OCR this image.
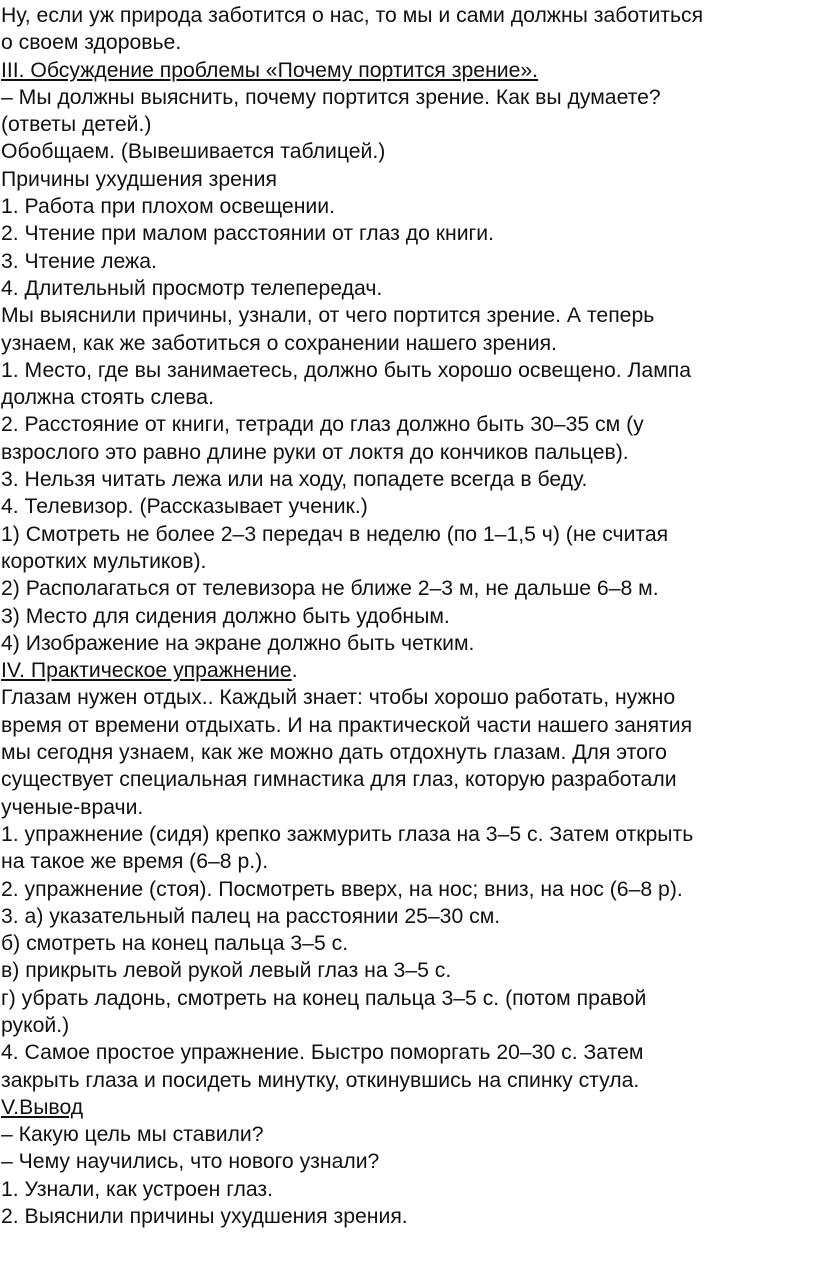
Ну, если уж природа заботится о нас, то мы и сами должны заботиться

о своем здоровье.

III. Обсуждение проблемы «Почему портится зрение».

– Мы должны выяснить, почему портится зрение. Как вы думаете?

(ответы детей.)

Обобщаем. (Вывешивается таблицей.)

Причины ухудшения зрения

1. Работа при плохом освещении.

2. Чтение при малом расстоянии от глаз до книги.

3. Чтение лежа.

4. Длительный просмотр телепередач.

Мы выяснили причины, узнали, от чего портится зрение. А теперь

узнаем, как же заботиться о сохранении нашего зрения.

1. Место, где вы занимаетесь, должно быть хорошо освещено. Лампа

должна стоять слева.

2. Расстояние от книги, тетради до глаз должно быть 30–35 см (у

взрослого это равно длине руки от локтя до кончиков пальцев).

3. Нельзя читать лежа или на ходу, попадете всегда в беду.

4. Телевизор. (Рассказывает ученик.)

1) Смотреть не более 2–3 передач в неделю (по 1–1,5 ч) (не считая

коротких мультиков).

2) Располагаться от телевизора не ближе 2–3 м, не дальше 6–8 м.

3) Место для сидения должно быть удобным.

4) Изображение на экране должно быть четким.

IV. Практическое упражнение.

Глазам нужен отдых.. Каждый знает: чтобы хорошо работать, нужно

время от времени отдыхать. И на практической части нашего занятия

мы сегодня узнаем, как же можно дать отдохнуть глазам. Для этого

существует специальная гимнастика для глаз, которую разработали

ученые-врачи.

1. упражнение (сидя) крепко зажмурить глаза на 3–5 с. Затем открыть

на такое же время (6–8 р.).

2. упражнение (стоя). Посмотреть вверх, на нос; вниз, на нос (6–8 р).

3. а) указательный палец на расстоянии 25–30 см.

б) смотреть на конец пальца 3–5 с.

в) прикрыть левой рукой левый глаз на 3–5 с.

г) убрать ладонь, смотреть на конец пальца 3–5 с. (потом правой

рукой.)

4. Самое простое упражнение. Быстро поморгать 20–30 с. Затем

закрыть глаза и посидеть минутку, откинувшись на спинку стула.

V.Вывод

– Какую цель мы ставили?

– Чему научились, что нового узнали?

1. Узнали, как устроен глаз.

2. Выяснили причины ухудшения зрения.
